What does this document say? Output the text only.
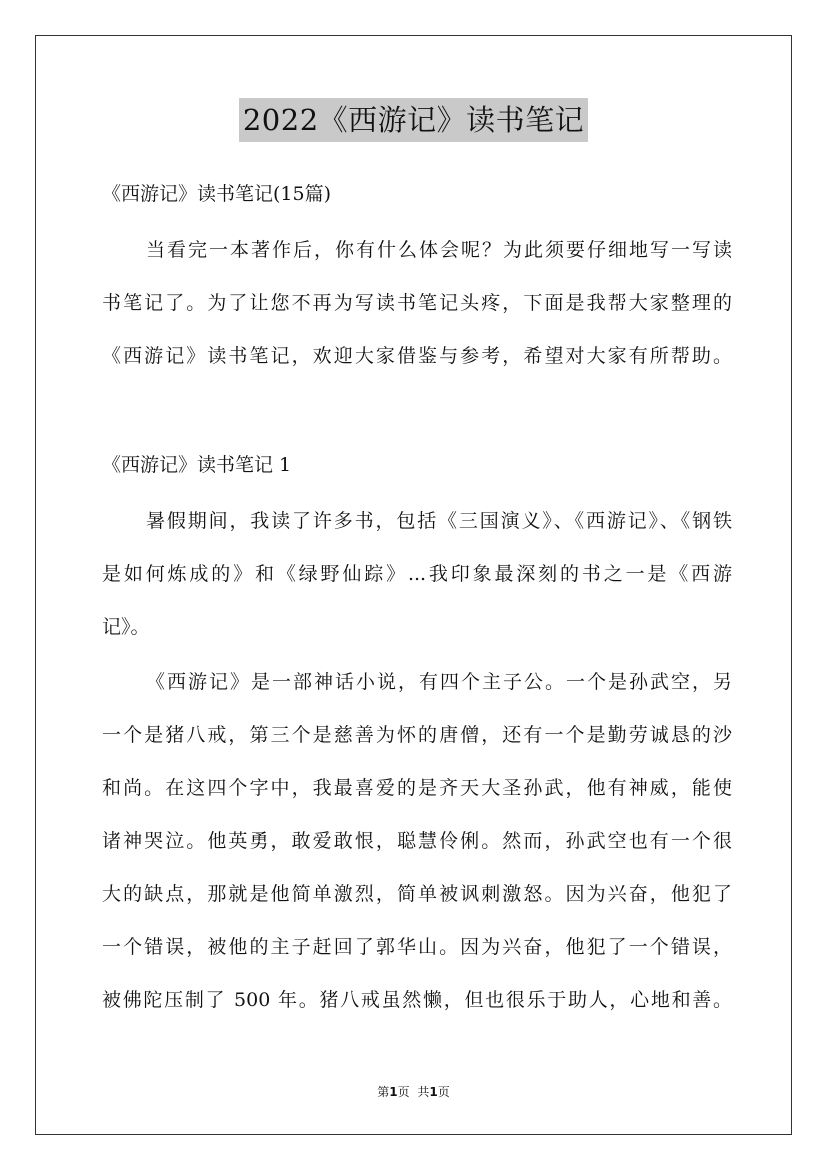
2022《西游记》读书笔记
《西游记》读书笔记(15篇)
当看完一本著作后，你有什么体会呢？为此须要仔细地写一写读
书笔记了。为了让您不再为写读书笔记头疼，下面是我帮大家整理的
《西游记》读书笔记，欢迎大家借鉴与参考，希望对大家有所帮助。
《西游记》读书笔记 1
暑假期间，我读了许多书，包括《三国演义》、《西游记》、《钢铁
是如何炼成的》和《绿野仙踪》...我印象最深刻的书之一是《西游
记》。
《西游记》是一部神话小说，有四个主子公。一个是孙武空，另
一个是猪八戒，第三个是慈善为怀的唐僧，还有一个是勤劳诚恳的沙
和尚。在这四个字中，我最喜爱的是齐天大圣孙武，他有神威，能使
诸神哭泣。他英勇，敢爱敢恨，聪慧伶俐。然而，孙武空也有一个很
大的缺点，那就是他简单激烈，简单被讽刺激怒。因为兴奋，他犯了
一个错误，被他的主子赶回了郭华山。因为兴奋，他犯了一个错误，
被佛陀压制了 500 年。猪八戒虽然懒，但也很乐于助人，心地和善。
第1页 共1页
